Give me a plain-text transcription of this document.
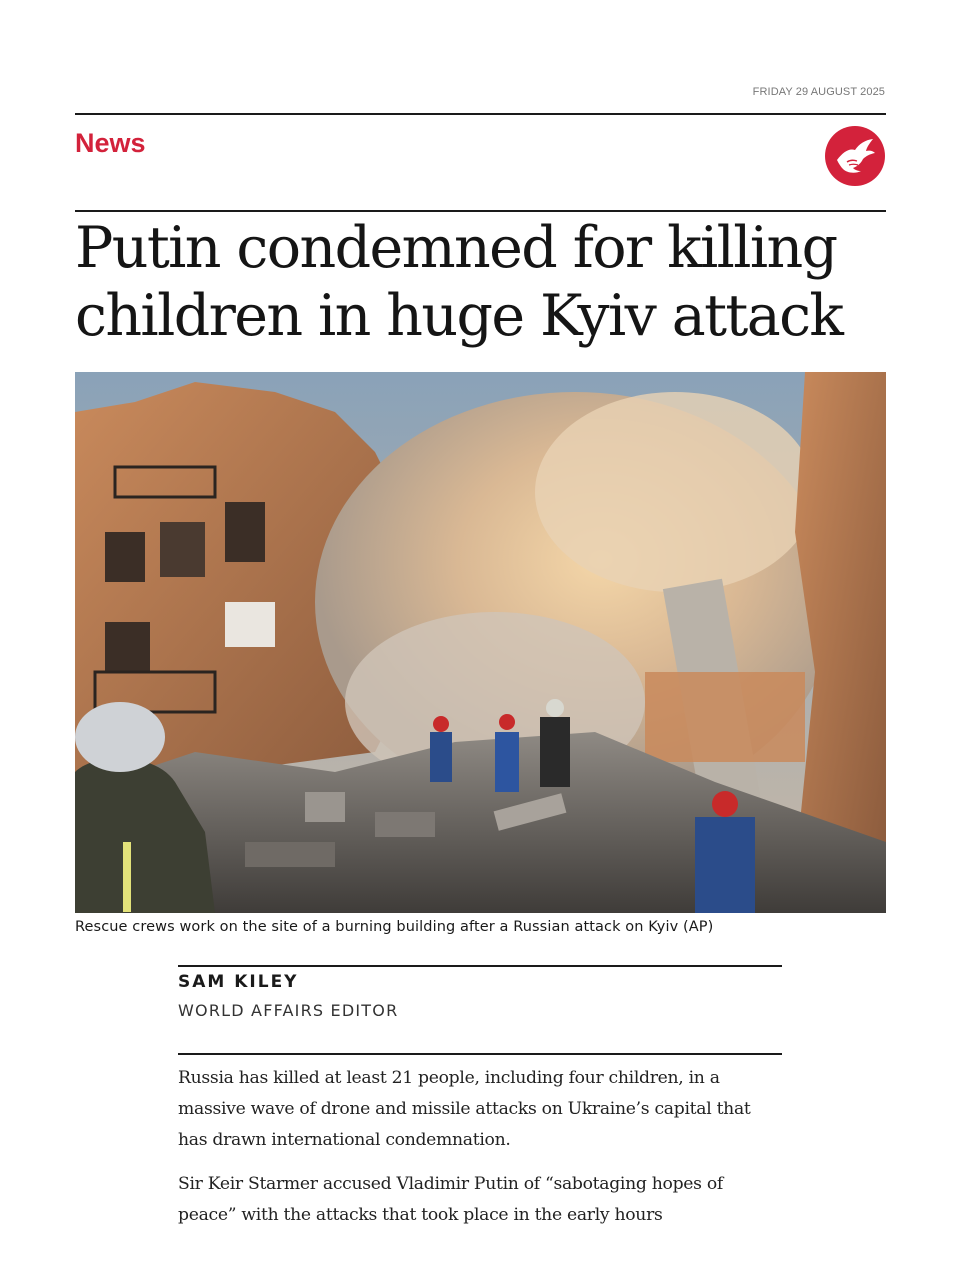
FRIDAY 29 AUGUST 2025
News
Putin condemned for killing
children in huge Kyiv attack
Rescue crews work on the site of a burning building after a Russian attack on Kyiv (AP)
SAM KILEY
WORLD AFFAIRS EDITOR

Russia has killed at least 21 people, including four children, in a massive wave of drone and missile attacks on Ukraine’s capital that has drawn international condemnation.

Sir Keir Starmer accused Vladimir Putin of “sabotaging hopes of peace” with the attacks that took place in the early hours
